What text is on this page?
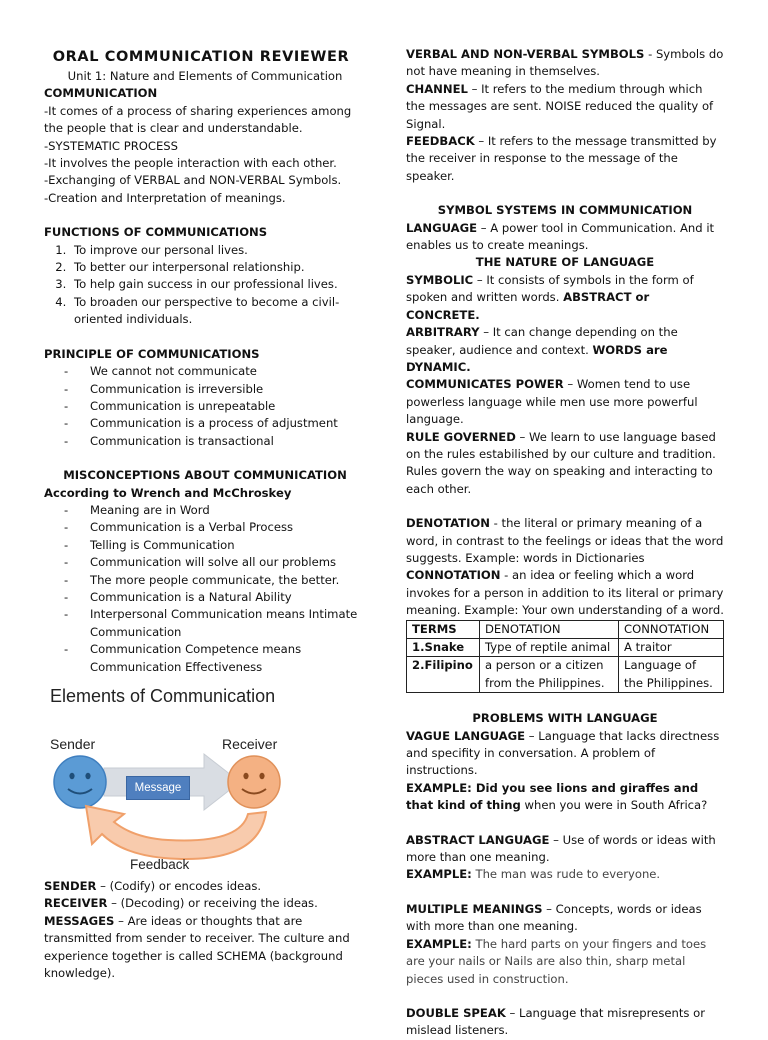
ORAL COMMUNICATION REVIEWER

Unit 1: Nature and Elements of Communication

COMMUNICATION

-It comes of a process of sharing experiences among the people that is clear and understandable.

-SYSTEMATIC PROCESS

-It involves the people interaction with each other.

-Exchanging of VERBAL and NON-VERBAL Symbols.

-Creation and Interpretation of meanings.

FUNCTIONS OF COMMUNICATIONS

1. To improve our personal lives.
2. To better our interpersonal relationship.
3. To help gain success in our professional lives.
4. To broaden our perspective to become a civil-oriented individuals.

PRINCIPLE OF COMMUNICATIONS

- We cannot not communicate
- Communication is irreversible
- Communication is unrepeatable
- Communication is a process of adjustment
- Communication is transactional

MISCONCEPTIONS ABOUT COMMUNICATION

According to Wrench and McChroskey

- Meaning are in Word
- Communication is a Verbal Process
- Telling is Communication
- Communication will solve all our problems
- The more people communicate, the better.
- Communication is a Natural Ability
- Interpersonal Communication means Intimate Communication
- Communication Competence means Communication Effectiveness
Elements of Communication
Sender	Receiver
Message
Feedback

SENDER – (Codify) or encodes ideas.

RECEIVER – (Decoding) or receiving the ideas.

MESSAGES – Are ideas or thoughts that are transmitted from sender to receiver. The culture and experience together is called SCHEMA (background knowledge).

VERBAL AND NON-VERBAL SYMBOLS - Symbols do not have meaning in themselves.

CHANNEL – It refers to the medium through which the messages are sent. NOISE reduced the quality of Signal.

FEEDBACK – It refers to the message transmitted by the receiver in response to the message of the speaker.

SYMBOL SYSTEMS IN COMMUNICATION

LANGUAGE – A power tool in Communication. And it enables us to create meanings.

THE NATURE OF LANGUAGE

SYMBOLIC – It consists of symbols in the form of spoken and written words. ABSTRACT or CONCRETE.

ARBITRARY – It can change depending on the speaker, audience and context. WORDS are DYNAMIC.

COMMUNICATES POWER – Women tend to use powerless language while men use more powerful language.

RULE GOVERNED – We learn to use language based on the rules estabilished by our culture and tradition. Rules govern the way on speaking and interacting to each other.

DENOTATION - the literal or primary meaning of a word, in contrast to the feelings or ideas that the word suggests. Example: words in Dictionaries

CONNOTATION - an idea or feeling which a word invokes for a person in addition to its literal or primary meaning. Example: Your own understanding of a word.

TERMS	DENOTATION	CONNOTATION
1.Snake	Type of reptile animal	A traitor
2.Filipino	a person or a citizen from the Philippines.	Language of the Philippines.

PROBLEMS WITH LANGUAGE

VAGUE LANGUAGE – Language that lacks directness and specifity in conversation. A problem of instructions.

EXAMPLE: Did you see lions and giraffes and that kind of thing when you were in South Africa?

ABSTRACT LANGUAGE – Use of words or ideas with more than one meaning.

EXAMPLE: The man was rude to everyone.

MULTIPLE MEANINGS – Concepts, words or ideas with more than one meaning.

EXAMPLE: The hard parts on your fingers and toes are your nails or Nails are also thin, sharp metal pieces used in construction.

DOUBLE SPEAK – Language that misrepresents or mislead listeners.
